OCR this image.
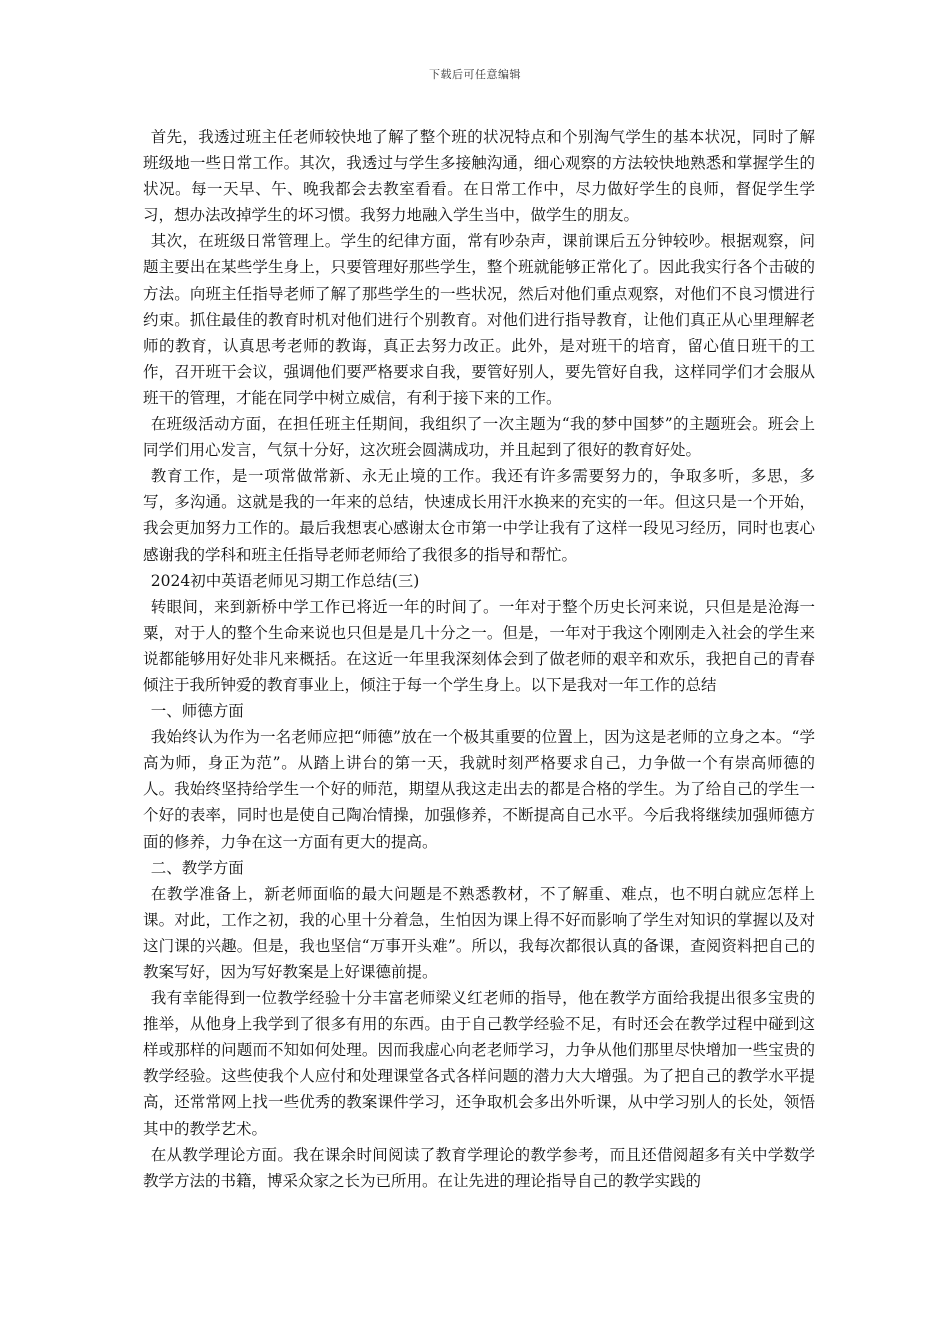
下载后可任意编辑

首先，我透过班主任老师较快地了解了整个班的状况特点和个别淘气学生的基本状况，同时了解班级地一些日常工作。其次，我透过与学生多接触沟通，细心观察的方法较快地熟悉和掌握学生的状况。每一天早、午、晚我都会去教室看看。在日常工作中，尽力做好学生的良师，督促学生学习，想办法改掉学生的坏习惯。我努力地融入学生当中，做学生的朋友。

其次，在班级日常管理上。学生的纪律方面，常有吵杂声，课前课后五分钟较吵。根据观察，问题主要出在某些学生身上，只要管理好那些学生，整个班就能够正常化了。因此我实行各个击破的方法。向班主任指导老师了解了那些学生的一些状况，然后对他们重点观察，对他们不良习惯进行约束。抓住最佳的教育时机对他们进行个别教育。对他们进行指导教育，让他们真正从心里理解老师的教育，认真思考老师的教诲，真正去努力改正。此外，是对班干的培育，留心值日班干的工作，召开班干会议，强调他们要严格要求自我，要管好别人，要先管好自我，这样同学们才会服从班干的管理，才能在同学中树立威信，有利于接下来的工作。

在班级活动方面，在担任班主任期间，我组织了一次主题为“我的梦中国梦”的主题班会。班会上同学们用心发言，气氛十分好，这次班会圆满成功，并且起到了很好的教育好处。

教育工作，是一项常做常新、永无止境的工作。我还有许多需要努力的，争取多听，多思，多写，多沟通。这就是我的一年来的总结，快速成长用汗水换来的充实的一年。但这只是一个开始，我会更加努力工作的。最后我想衷心感谢太仓市第一中学让我有了这样一段见习经历，同时也衷心感谢我的学科和班主任指导老师老师给了我很多的指导和帮忙。

2024初中英语老师见习期工作总结(三)

转眼间，来到新桥中学工作已将近一年的时间了。一年对于整个历史长河来说，只但是是沧海一粟，对于人的整个生命来说也只但是是几十分之一。但是，一年对于我这个刚刚走入社会的学生来说都能够用好处非凡来概括。在这近一年里我深刻体会到了做老师的艰辛和欢乐，我把自己的青春倾注于我所钟爱的教育事业上，倾注于每一个学生身上。以下是我对一年工作的总结

一、师德方面

我始终认为作为一名老师应把“师德”放在一个极其重要的位置上，因为这是老师的立身之本。“学高为师，身正为范”。从踏上讲台的第一天，我就时刻严格要求自己，力争做一个有崇高师德的人。我始终坚持给学生一个好的师范，期望从我这走出去的都是合格的学生。为了给自己的学生一个好的表率，同时也是使自己陶冶情操，加强修养，不断提高自己水平。今后我将继续加强师德方面的修养，力争在这一方面有更大的提高。

二、教学方面

在教学准备上，新老师面临的最大问题是不熟悉教材，不了解重、难点，也不明白就应怎样上课。对此，工作之初，我的心里十分着急，生怕因为课上得不好而影响了学生对知识的掌握以及对这门课的兴趣。但是，我也坚信“万事开头难”。所以，我每次都很认真的备课，查阅资料把自己的教案写好，因为写好教案是上好课德前提。

我有幸能得到一位教学经验十分丰富老师梁义红老师的指导，他在教学方面给我提出很多宝贵的推举，从他身上我学到了很多有用的东西。由于自己教学经验不足，有时还会在教学过程中碰到这样或那样的问题而不知如何处理。因而我虚心向老老师学习，力争从他们那里尽快增加一些宝贵的教学经验。这些使我个人应付和处理课堂各式各样问题的潜力大大增强。为了把自己的教学水平提高，还常常网上找一些优秀的教案课件学习，还争取机会多出外听课，从中学习别人的长处，领悟其中的教学艺术。

在从教学理论方面。我在课余时间阅读了教育学理论的教学参考，而且还借阅超多有关中学数学教学方法的书籍，博采众家之长为已所用。在让先进的理论指导自己的教学实践的
